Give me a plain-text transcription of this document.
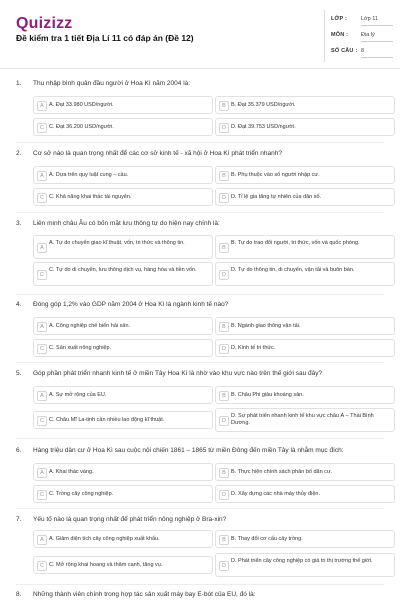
Quizizz
Đề kiểm tra 1 tiết Địa Lí 11 có đáp án (Đề 12)
LỚP :	Lớp 11
MÔN : Địa lý
SỐ CÂU : 8
1. Thu nhập bình quân đầu người ở Hoa Kì năm 2004 là:
A A. Đạt 33.980 USD/người.	B B. Đạt 35.379 USD/người.
C C. Đạt 36.200 USD/người.	D D. Đạt 39.753 USD/người.
2. Cơ sở nào là quan trọng nhất để các cơ sở kinh tế - xã hội ở Hoa Kì phát triển nhanh?
A A. Dựa trên quy luật cung – cầu.	B B. Phụ thuộc vào số người nhập cư.
C C. Khả năng khai thác tài nguyên.	D D. Tỉ lệ gia tăng tự nhiên của dân số.
3. Liên minh châu Âu có bốn mặt lưu thông tự do hiện nay chính là:
A
A. Tự do chuyển giao kĩ thuật, vốn, tri thức và thông tin.
B
B. Tự do trao đổi người, tri thức, vốn và quốc phòng.
C
C. Tự do di chuyển, lưu thông dịch vụ, hàng hóa và tiền vốn.
D
D. Tự do thông tin, di chuyển, vận tải và buôn bán.
4. Đóng góp 1,2% vào GDP năm 2004 ở Hoa Kì là ngành kinh tế nào?
A A. Công nghiệp chế biến hải sản.	B B. Ngành giao thông vận tải.
C C. Sản xuất nông nghiệp.	D D. Kinh tế tri thức.
5. Góp phần phát triển nhanh kinh tế ở miền Tây Hoa Kì là nhờ vào khu vực nào trên thế giới sau đây?
A A. Sự mở rộng của EU.	B B. Châu Phi giàu khoáng sản.
C C. Châu Mĩ La-tinh cần nhiều lao động kĩ thuật.	D
D. Sự phát triển nhanh kinh tế khu vực châu Á – Thái Bình Dương.
6. Hàng triệu dân cư ở Hoa Kì sau cuộc nội chiến 1861 – 1865 từ miền Đông đến miền Tây là nhằm mục đích:
A A. Khai thác vàng.	B B. Thực hiện chính sách phân bố dân cư.
C C. Trồng cây công nghiệp.	D D. Xây dựng các nhà máy thủy điện.
7. Yếu tố nào là quan trọng nhất để phát triển nông nghiệp ở Bra-xin?
A A. Giảm diện tích cây công nghiệp xuất khẩu.	B B. Thay đổi cơ cấu cây trồng.
C C. Mở rộng khai hoang và thâm canh, tăng vụ.	D
D. Phát triển cây công nghiệp có giá trị thị trường thế giới.
8. Những thành viên chính trong hợp tác sản xuất máy bay E-bót của EU, đó là:
